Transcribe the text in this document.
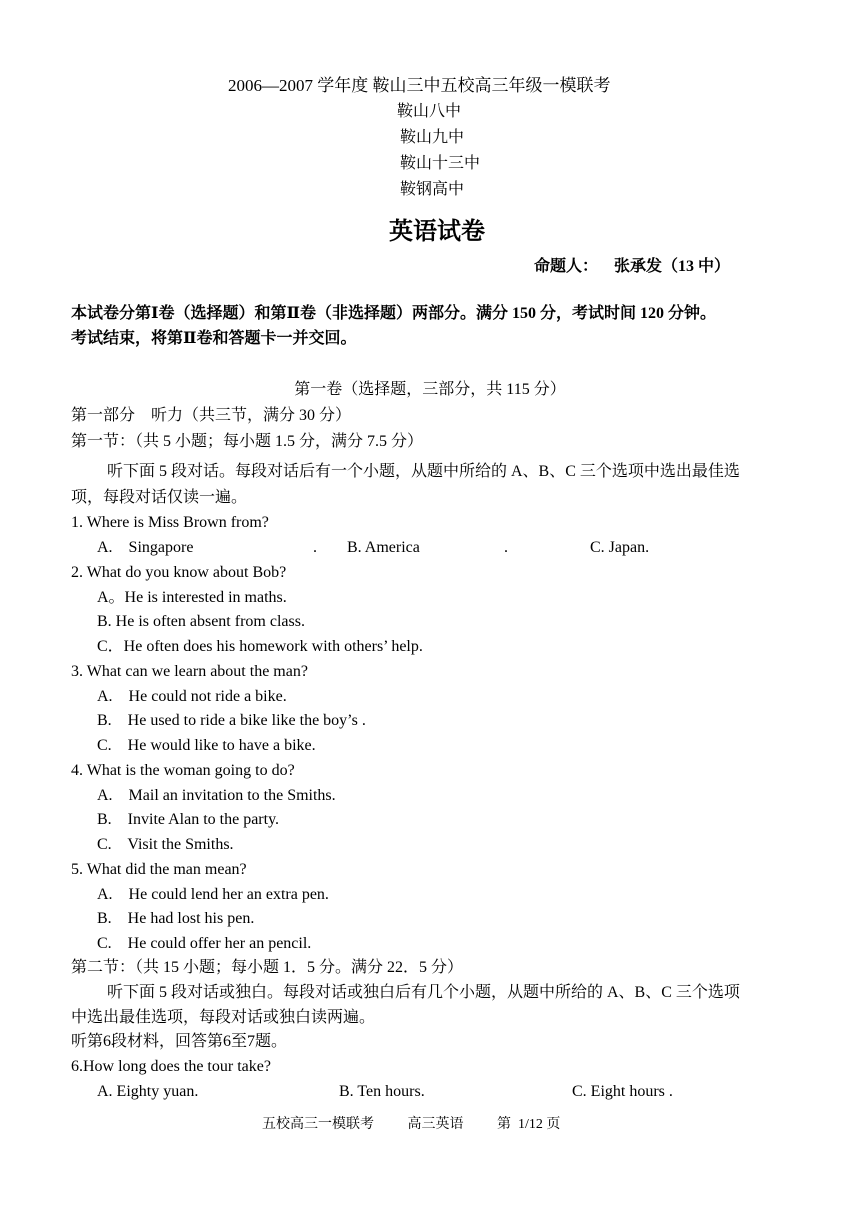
2006—2007 学年度 鞍山三中五校高三年级一模联考
鞍山八中
鞍山九中
鞍山十三中
鞍钢高中
英语试卷
命题人：    张承发（13 中）
本试卷分第Ⅰ卷（选择题）和第Ⅱ卷（非选择题）两部分。满分 150 分，考试时间 120 分钟。
考试结束，将第Ⅱ卷和答题卡一并交回。
第一卷（选择题，三部分，共 115 分）
第一部分    听力（共三节，满分 30 分）
第一节：（共 5 小题；每小题 1.5 分，满分 7.5 分）
听下面 5 段对话。每段对话后有一个小题，从题中所给的 A、B、C 三个选项中选出最佳选
项，每段对话仅读一遍。
1. Where is Miss Brown from?
A.    Singapore	. B. America	.	C. Japan.
2. What do you know about Bob?
A。He is interested in maths.
B. He is often absent from class.
C．He often does his homework with others’ help.
3. What can we learn about the man?
A.    He could not ride a bike.
B.    He used to ride a bike like the boy’s .
C.    He would like to have a bike.
4. What is the woman going to do?
A.    Mail an invitation to the Smiths.
B.    Invite Alan to the party.
C.    Visit the Smiths.
5. What did the man mean?
A.    He could lend her an extra pen.
B.    He had lost his pen.
C.    He could offer her an pencil.
第二节：（共 15 小题；每小题 1．5 分。满分 22．5 分）
听下面 5 段对话或独白。每段对话或独白后有几个小题，从题中所给的 A、B、C 三个选项
中选出最佳选项，每段对话或独白读两遍。
听第6段材料，回答第6至7题。
6.How long does the tour take?
A. Eighty yuan.	B. Ten hours.	C. Eight hours .
五校高三一模联考 高三英语 第  1/12 页
